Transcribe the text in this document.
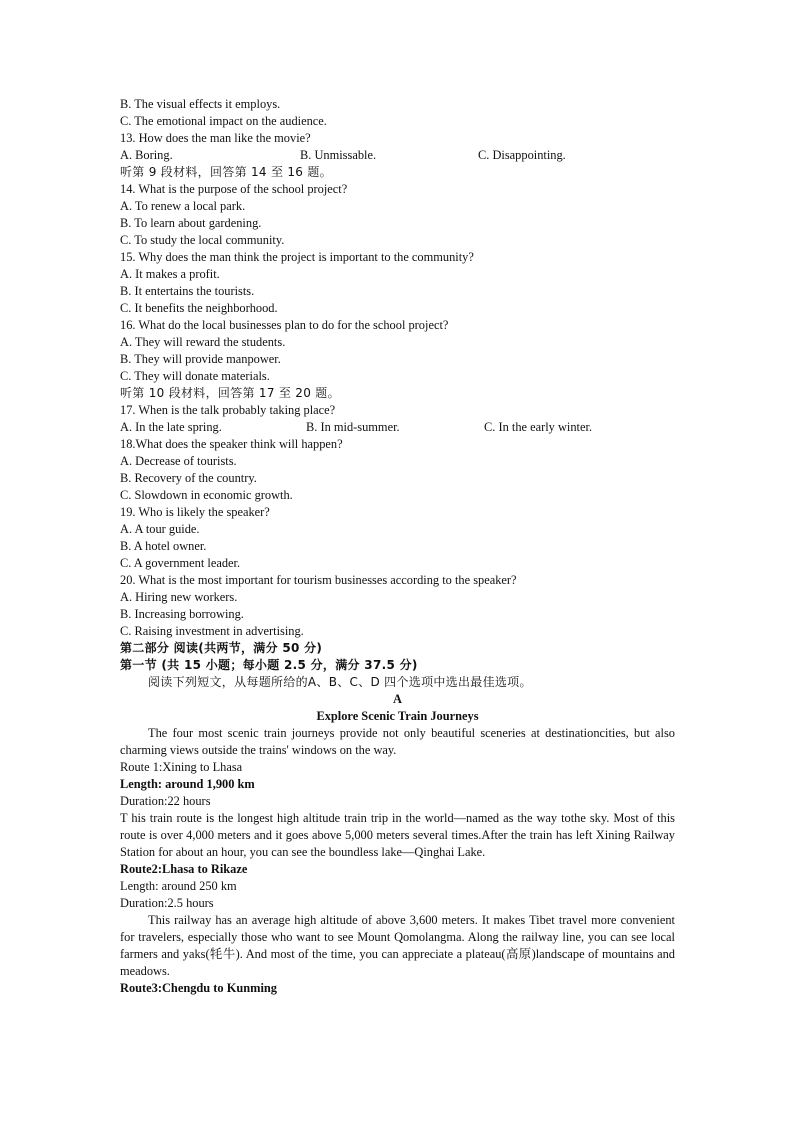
B. The visual effects it employs.
C. The emotional impact on the audience.
13. How does the man like the movie?
A. Boring.	B. Unmissable.	C. Disappointing.
听第 9 段材料，回答第 14 至 16 题。
14. What is the purpose of the school project?
A. To renew a local park.
B. To learn about gardening.
C. To study the local community.
15. Why does the man think the project is important to the community?
A. It makes a profit.
B. It entertains the tourists.
C. It benefits the neighborhood.
16. What do the local businesses plan to do for the school project?
A. They will reward the students.
B. They will provide manpower.
C. They will donate materials.
听第 10 段材料，回答第 17 至 20 题。
17. When is the talk probably taking place?
A. In the late spring.	B. In mid-summer.	C. In the early winter.
18.What does the speaker think will happen?
A. Decrease of tourists.
B. Recovery of the country.
C. Slowdown in economic growth.
19. Who is likely the speaker?
A. A tour guide.
B. A hotel owner.
C. A government leader.
20. What is the most important for tourism businesses according to the speaker?
A. Hiring new workers.
B. Increasing borrowing.
C. Raising investment in advertising.
第二部分 阅读(共两节，满分 50 分)
第一节 (共 15 小题；每小题 2.5 分，满分 37.5 分)
阅读下列短文，从每题所给的A、B、C、D 四个选项中选出最佳选项。
A
Explore Scenic Train Journeys
The four most scenic train journeys provide not only beautiful sceneries at destinationcities, but also charming views outside the trains' windows on the way.
Route 1:Xining to Lhasa
Length: around 1,900 km
Duration:22 hours
T his train route is the longest high altitude train trip in the world—named as the way tothe sky. Most of this route is over 4,000 meters and it goes above 5,000 meters several times.After the train has left Xining Railway Station for about an hour, you can see the boundless lake—Qinghai Lake.
Route2:Lhasa to Rikaze
Length: around 250 km
Duration:2.5 hours
This railway has an average high altitude of above 3,600 meters. It makes Tibet travel more convenient for travelers, especially those who want to see Mount Qomolangma. Along the railway line, you can see local farmers and yaks(牦牛). And most of the time, you can appreciate a plateau(高原)landscape of mountains and meadows.
Route3:Chengdu to Kunming
